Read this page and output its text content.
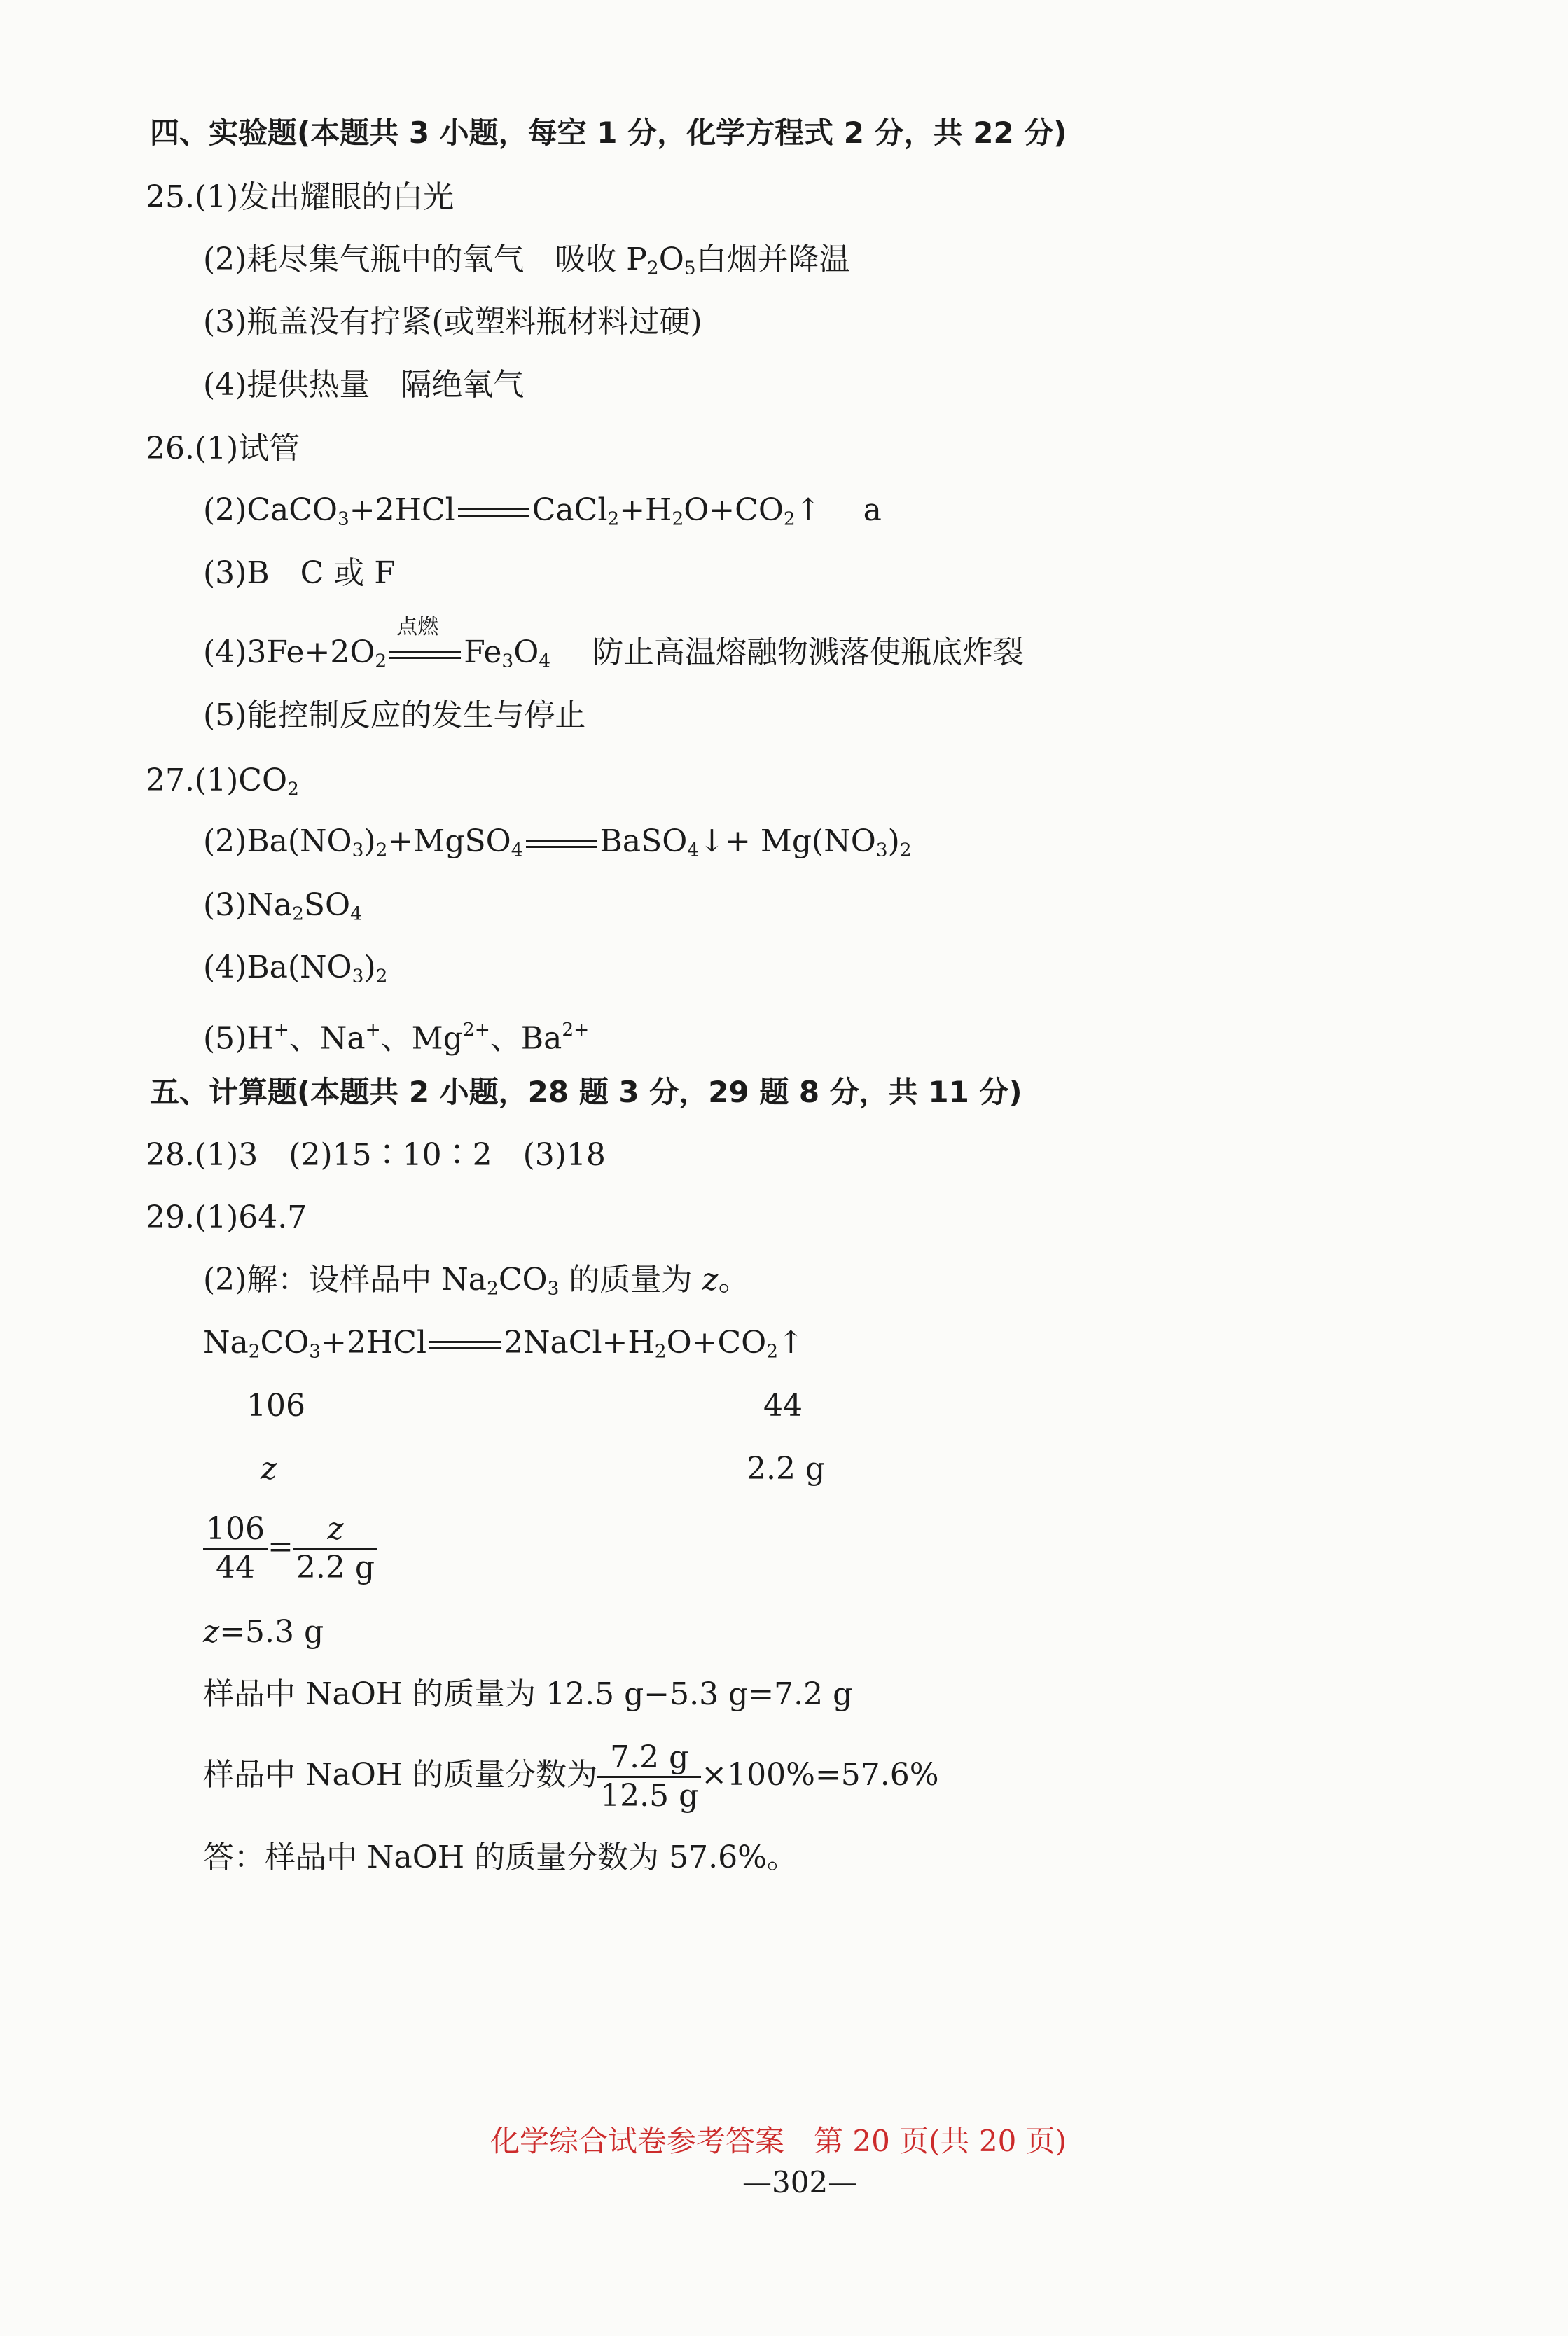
四、实验题(本题共 3 小题，每空 1 分，化学方程式 2 分，共 22 分)
25.(1)发出耀眼的白光
(2)耗尽集气瓶中的氧气　吸收 $P_2O_5$白烟并降温
(3)瓶盖没有拧紧(或塑料瓶材料过硬)
(4)提供热量　隔绝氧气
26.(1)试管
(2)CaCO$_3$+2HCl	$CaCl_2+H_2O+CO_2↑$ a
(3)B　C 或 F
$(4)3Fe+2O_2$
点燃
$Fe_3O_4$ 防止高温熔融物溅落使瓶底炸裂
(5)能控制反应的发生与停止
$27.(1)CO_2$
$(2)Ba(NO_3)_2+MgSO_4$	BaSO$_4$↓+ $Mg(NO_3)_2$
$(3)Na_2SO_4$
$(4)Ba(NO_3)_2$
(5)H+、Na+、$Mg^{2+}$、$Ba^{2+}$
五、计算题(本题共 2 小题，28 题 3 分，29 题 8 分，共 11 分)
28.(1)3　(2)15∶10∶2　(3)18
29.(1)64.7
(2)解：设样品中 $Na_2CO_3$ 的质量为 z。
$Na_2CO_3+2HCl$	$2NaCl+H_2O+CO_2↑$
106	44
z	2.2 g
$\frac{106}{44} = \frac{z}{2.2 g}$
z=5.3 g
样品中 NaOH 的质量为 12.5 g−5.3 g=7.2 g
样品中 NaOH 的质量分数为 $\frac{7.2 g}{12.5 g} \times 100\%=57.6\%$
答：样品中 NaOH 的质量分数为 57.6%。
化学综合试卷参考答案　第 20 页(共 20 页)
—302—
